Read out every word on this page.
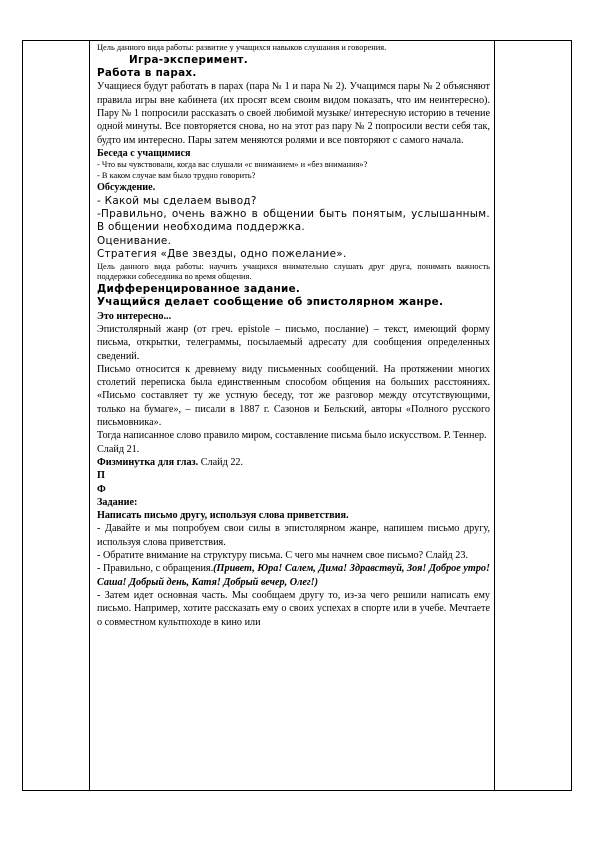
Цель данного вида работы: развитие у учащихся навыков слушания и говорения.

Игра-эксперимент.

Работа в парах.

Учащиеся будут работать в парах (пара № 1 и пара № 2). Учащимся пары № 2 объясняют правила игры вне кабинета (их просят всем своим видом показать, что им неинтересно). Пару № 1 попросили рассказать о своей любимой музыке/ интересную историю в течение одной минуты. Все повторяется снова, но на этот раз пару № 2 попросили вести себя так, будто им интересно. Пары затем меняются ролями и все повторяют с самого начала.

Беседа с учащимися

- Что вы чувствовали, когда вас слушали «с вниманием» и «без внимания»?

- В каком случае вам было трудно говорить?

Обсуждение.

- Какой мы сделаем вывод?

-Правильно, очень важно в общении быть понятым, услышанным. В общении необходима поддержка.

Оценивание.

Стратегия «Две звезды, одно пожелание».

Цель данного вида работы: научить учащихся внимательно слушать друг друга, понимать важность поддержки собеседника во время общения.

Дифференцированное задание.

Учащийся делает сообщение об эпистолярном жанре.

Это интересно...

Эпистолярный жанр (от греч. epistole – письмо, послание) – текст, имеющий форму письма, открытки, телеграммы, посылаемый адресату для сообщения определенных сведений.

Письмо относится к древнему виду письменных сообщений. На протяжении многих столетий переписка была единственным способом общения на больших расстояниях. «Письмо составляет ту же устную беседу, тот же разговор между отсутствующими, только на бумаге», – писали в 1887 г. Сазонов и Бельский, авторы «Полного русского письмовника».

Тогда написанное слово правило миром, составление письма было искусством. Р. Теннер.

Слайд 21.

Физминутка для глаз. Слайд 22.

П

Ф

Задание:

Написать письмо другу, используя слова приветствия.

- Давайте и мы попробуем свои силы в эпистолярном жанре, напишем письмо другу, используя слова приветствия.

- Обратите внимание на структуру письма. С чего мы начнем свое письмо? Слайд 23.

- Правильно, с обращения.(Привет, Юра! Салем, Дима! Здравствуй, Зоя! Доброе утро! Саша! Добрый день, Катя! Добрый вечер, Олег!)

- Затем идет основная часть. Мы сообщаем другу то, из-за чего решили написать ему письмо. Например, хотите рассказать ему о своих успехах в спорте или в учебе. Мечтаете о совместном культпоходе в кино или
